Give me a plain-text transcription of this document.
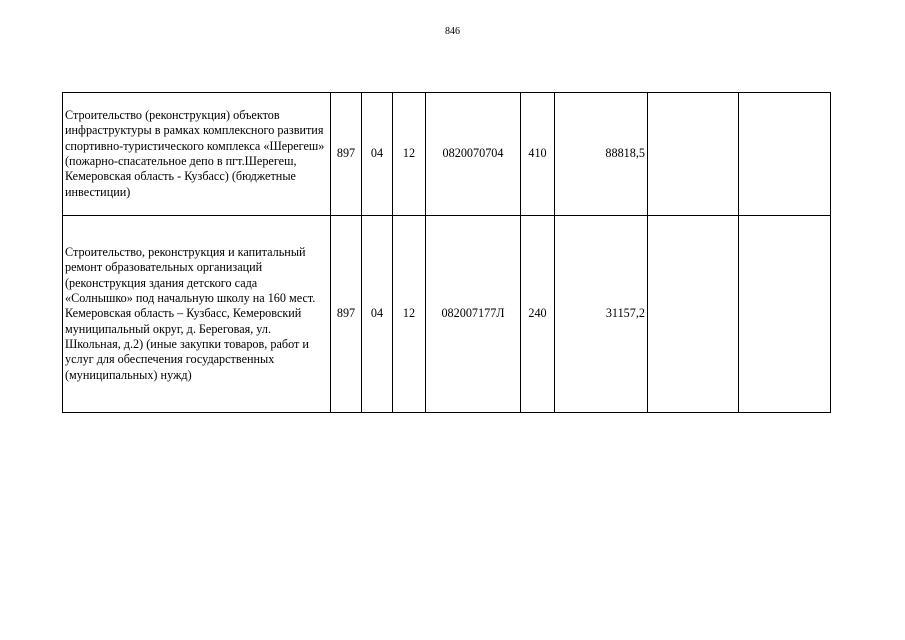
846
Строительство (реконструкция) объектов инфраструктуры в рамках комплексного развития спортивно-туристического комплекса «Шерегеш» (пожарно-спасательное депо в пгт.Шерегеш, Кемеровская область - Кузбасс) (бюджетные инвестиции)	897	04	12	0820070704	410	88818,5		
Строительство, реконструкция и капитальный ремонт образовательных организаций (реконструкция здания детского сада «Солнышко» под начальную школу на 160 мест. Кемеровская область – Кузбасс, Кемеровский муниципальный округ, д. Береговая, ул. Школьная, д.2) (иные закупки товаров, работ и услуг для обеспечения государственных (муниципальных) нужд)	897	04	12	082007177Л	240	31157,2		
